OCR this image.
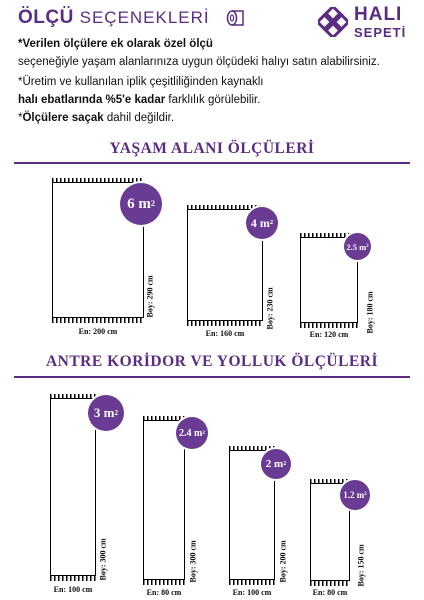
ÖLÇÜ SEÇENEKLERİ	HALI
SEPETİ
*Verilen ölçülere ek olarak özel ölçü
seçeneğiyle yaşam alanlarınıza uygun ölçüdeki halıyı satın alabilirsiniz.
*Üretim ve kullanılan iplik çeşitliliğinden kaynaklı
halı ebatlarında %5'e kadar farklılık görülebilir.
*Ölçülere saçak dahil değildir.
YAŞAM ALANI ÖLÇÜLERİ
En: 200 cm
Boy: 290 cm
6 m 2
En: 160 cm
Boy: 230 cm
4 m 2
En: 120 cm
Boy: 180 cm
2.5 m 2
ANTRE KORİDOR VE YOLLUK ÖLÇÜLERİ
En: 100 cm
Boy: 300 cm
3 m 2
En: 80 cm
Boy: 300 cm
2.4 m 2
En: 100 cm
Boy: 200 cm
2 m 2
En: 80 cm
Boy: 150 cm
1.2 m 2
